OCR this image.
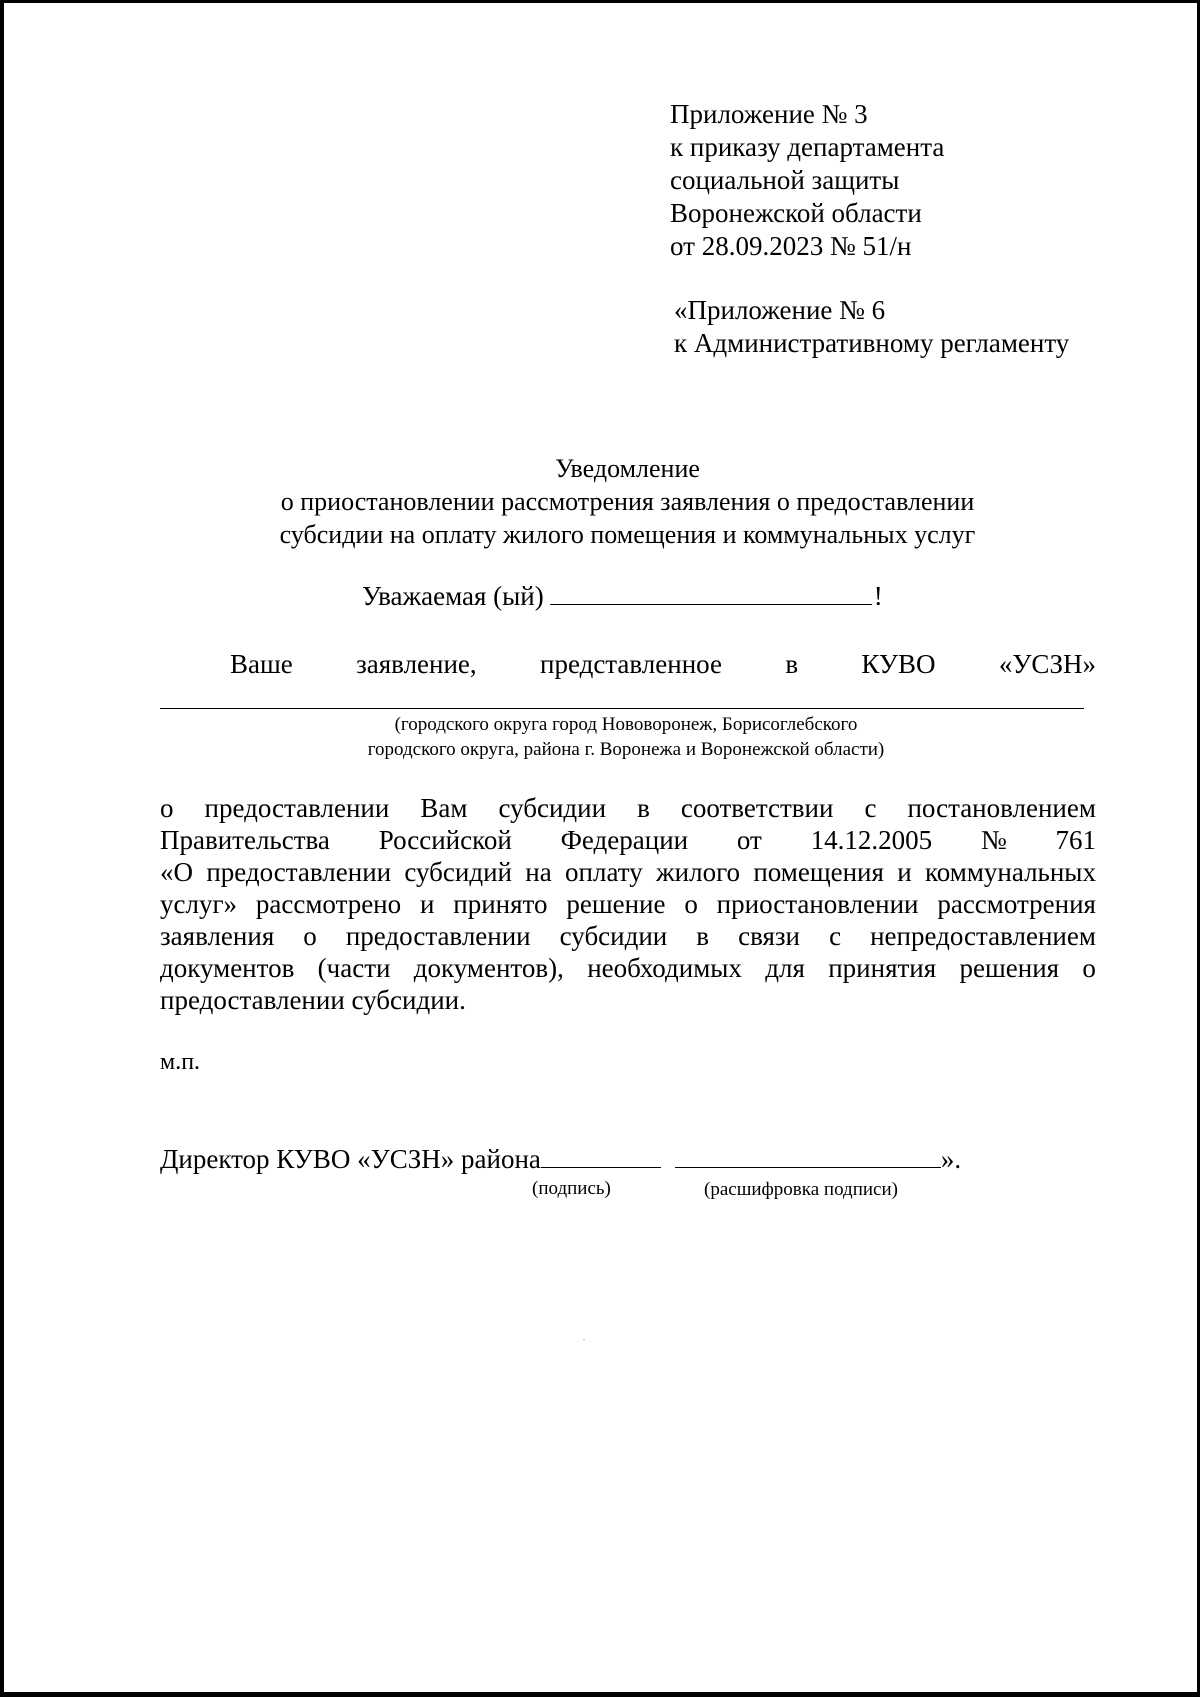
Приложение № 3
к приказу департамента
социальной защиты
Воронежской области
от 28.09.2023 № 51/н
«Приложение № 6
к Административному регламенту
Уведомление
о приостановлении рассмотрения заявления о предоставлении
субсидии на оплату жилого помещения и коммунальных услуг
Уважаемая (ый)	!
Ваше заявление, представленное в КУВО «УСЗН»
(городского округа город Нововоронеж, Борисоглебского
городского округа, района г. Воронежа и Воронежской области)
о предоставлении Вам субсидии в соответствии с постановлением
Правительства Российской Федерации от 14.12.2005 № 761
«О предоставлении субсидий на оплату жилого помещения и коммунальных
услуг» рассмотрено и принято решение о приостановлении рассмотрения
заявления о предоставлении субсидии в связи с непредоставлением
документов (части документов), необходимых для принятия решения о
предоставлении субсидии.
м.п.
Директор КУВО «УСЗН» района	».
(подпись)	(расшифровка подписи)
